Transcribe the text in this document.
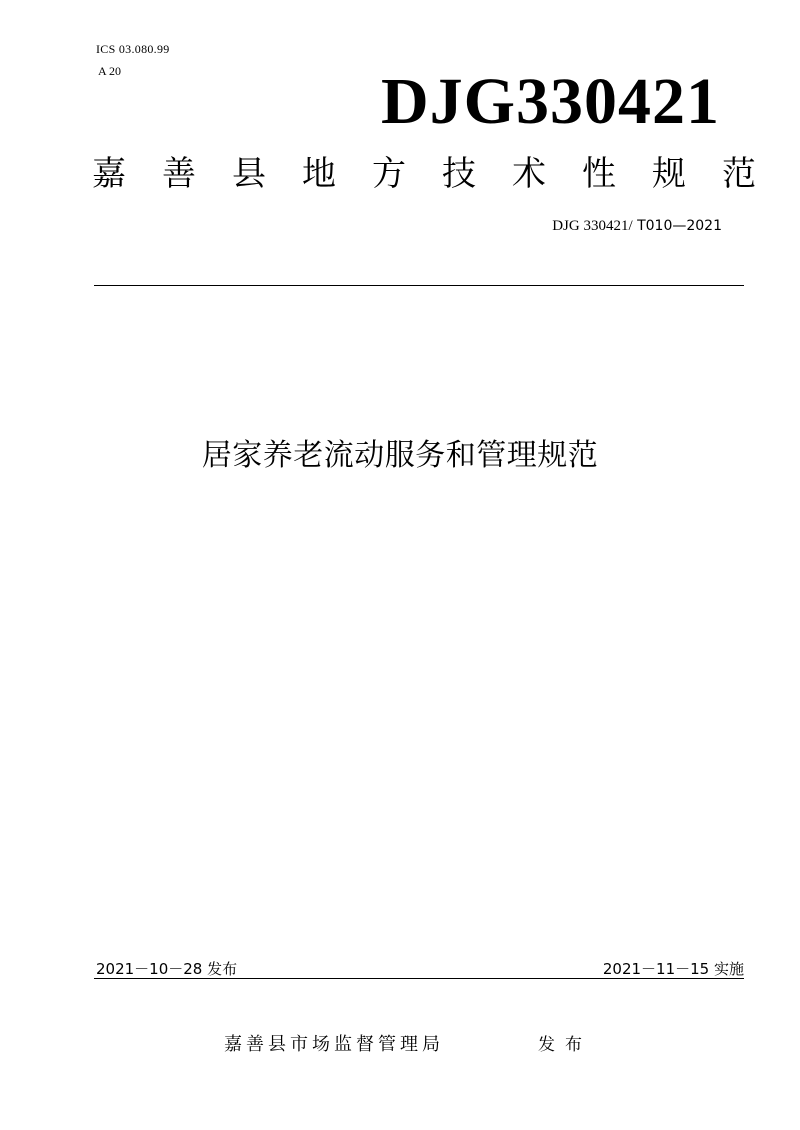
ICS 03.080.99
A 20	DJG330421
嘉 善 县 地 方 技 术 性 规 范
DJG 330421/ T010—2021
居家养老流动服务和管理规范
2021－10－28 发布	2021－11－15 实施
嘉善县市场监督管理局	发布
